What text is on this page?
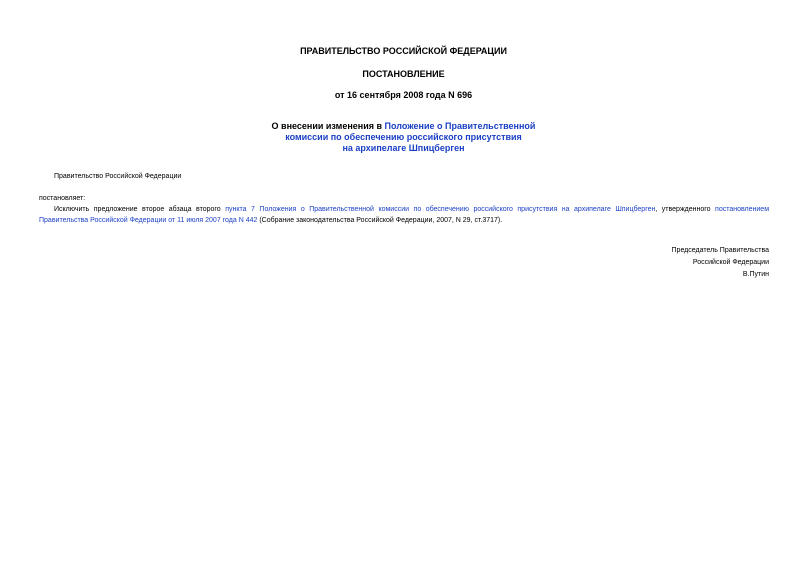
ПРАВИТЕЛЬСТВО РОССИЙСКОЙ ФЕДЕРАЦИИ
ПОСТАНОВЛЕНИЕ
от 16 сентября 2008 года N 696
О внесении изменения в Положение о Правительственной
комиссии по обеспечению российского присутствия
на архипелаге Шпицберген
Правительство Российской Федерации
постановляет:
Исключить предложение второе абзаца второго пункта 7 Положения о Правительственной комиссии по обеспечению российского присутствия на архипелаге Шпицберген, утвержденного постановлением Правительства Российской Федерации от 11 июля 2007 года N 442 (Собрание законодательства Российской Федерации, 2007, N 29, ст.3717).
Председатель Правительства
Российской Федерации
В.Путин
